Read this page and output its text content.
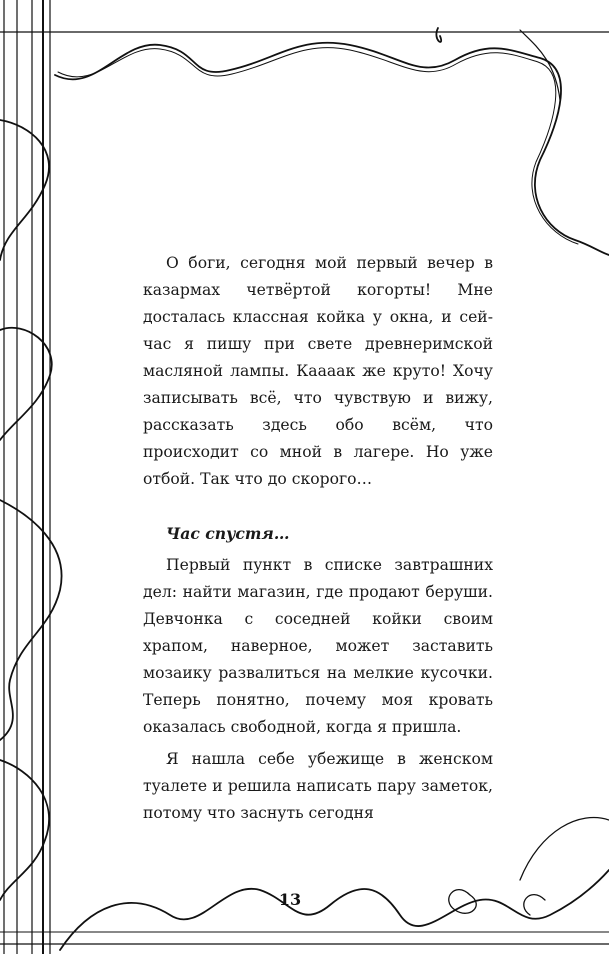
О боги, сегодня мой первый вечер в казармах четвёртой когорты! Мне досталась классная койка у окна, и сейчас я пишу при свете древнеримской масляной лампы. Кааaак же круто! Хочу записывать всё, что чувствую и вижу, рассказать здесь обо всём, что происходит со мной в лагере. Но уже отбой. Так что до скорого…

Час спустя…

Первый пункт в списке завтрашних дел: найти магазин, где продают беруши. Девчонка с соседней койки своим храпом, наверное, может застaвить мозаику развалиться на мелкие кусочки. Теперь понятно, почему моя кровать оказалась свободной, когда я пришла.

Я нашла себе убежище в женском туалете и решила написать пару заметок, потому что заснуть сегодня

13
